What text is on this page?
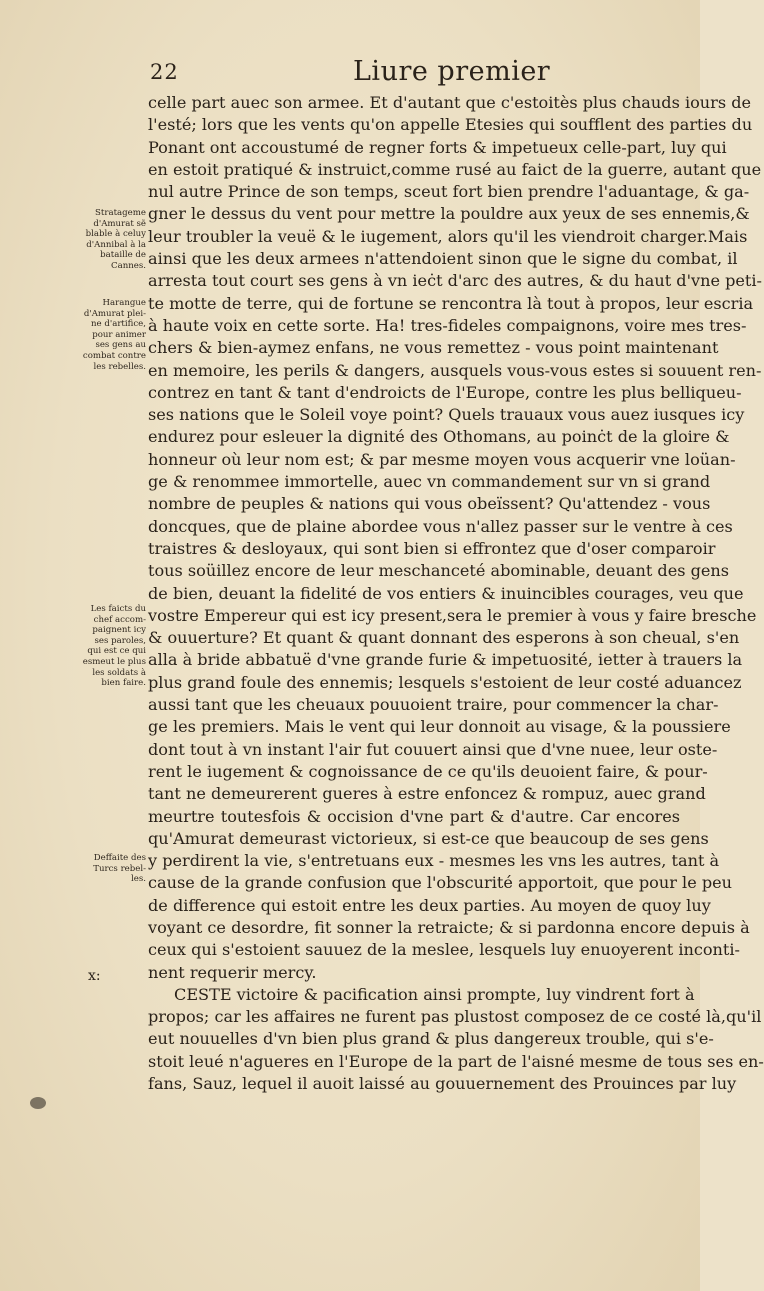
22	Liure premier
Stratageme
d'Amurat sẽ
blable à celuy
d'Annibal à la
bataille de
Cannes.
Harangue
d'Amurat plei-
ne d'artifice,
pour animer
ses gens au
combat contre
les rebelles.
Les faicts du
chef accom-
paignent icy
ses paroles,
qui est ce qui
esmeut le plus
les soldats à
bien faire.
Deffaite des
Turcs rebel-
les.
x:
celle part auec son armee. Et d'autant que c'estoitès plus chauds iours de
l'esté; lors que les vents qu'on appelle Etesies qui soufflent des parties du
Ponant ont accoustumé de regner forts & impetueux celle-part, luy qui
en estoit pratiqué & instruict,comme rusé au faict de la guerre, autant que
nul autre Prince de son temps, sceut fort bien prendre l'aduantage, & ga-
gner le dessus du vent pour mettre la pouldre aux yeux de ses ennemis,&
leur troubler la veuë & le iugement, alors qu'il les viendroit charger.Mais
ainsi que les deux armees n'attendoient sinon que le signe du combat, il
arresta tout court ses gens à vn ieċt d'arc des autres, & du haut d'vne peti-
te motte de terre, qui de fortune se rencontra là tout à propos, leur escria
à haute voix en cette sorte. Ha! tres-fideles compaignons, voire mes tres-
chers & bien-aymez enfans, ne vous remettez - vous point maintenant
en memoire, les perils & dangers, ausquels vous-vous estes si souuent ren-
contrez en tant & tant d'endroicts de l'Europe, contre les plus belliqueu-
ses nations que le Soleil voye point? Quels trauaux vous auez iusques icy
endurez pour esleuer la dignité des Othomans, au poinċt de la gloire &
honneur où leur nom est; & par mesme moyen vous acquerir vne loüan-
ge & renommee immortelle, auec vn commandement sur vn si grand
nombre de peuples & nations qui vous obeïssent? Qu'attendez - vous
doncques, que de plaine abordee vous n'allez passer sur le ventre à ces
traistres & desloyaux, qui sont bien si effrontez que d'oser comparoir
tous soüillez encore de leur meschanceté abominable, deuant des gens
de bien, deuant la fidelité de vos entiers & inuincibles courages, veu que
vostre Empereur qui est icy present,sera le premier à vous y faire bresche
& ouuerture? Et quant & quant donnant des esperons à son cheual, s'en
alla à bride abbatuë d'vne grande furie & impetuosité, ietter à trauers la
plus grand foule des ennemis; lesquels s'estoient de leur costé aduancez
aussi tant que les cheuaux pouuoient traire, pour commencer la char-
ge les premiers. Mais le vent qui leur donnoit au visage, & la poussiere
dont tout à vn instant l'air fut couuert ainsi que d'vne nuee, leur oste-
rent le iugement & cognoissance de ce qu'ils deuoient faire, & pour-
tant ne demeurerent gueres à estre enfoncez & rompuz, auec grand
meurtre toutesfois & occision d'vne part & d'autre. Car encores
qu'Amurat demeurast victorieux, si est-ce que beaucoup de ses gens
y perdirent la vie, s'entretuans eux - mesmes les vns les autres, tant à
cause de la grande confusion que l'obscurité apportoit, que pour le peu
de difference qui estoit entre les deux parties. Au moyen de quoy luy
voyant ce desordre, fit sonner la retraicte; & si pardonna encore depuis à
ceux qui s'estoient sauuez de la meslee, lesquels luy enuoyerent inconti-
nent requerir mercy.
CESTE victoire & pacification ainsi prompte, luy vindrent fort à
propos; car les affaires ne furent pas plustost composez de ce costé là,qu'il
eut nouuelles d'vn bien plus grand & plus dangereux trouble, qui s'e-
stoit leué n'agueres en l'Europe de la part de l'aisné mesme de tous ses en-
fans, Sauz, lequel il auoit laissé au gouuernement des Prouinces par luy
